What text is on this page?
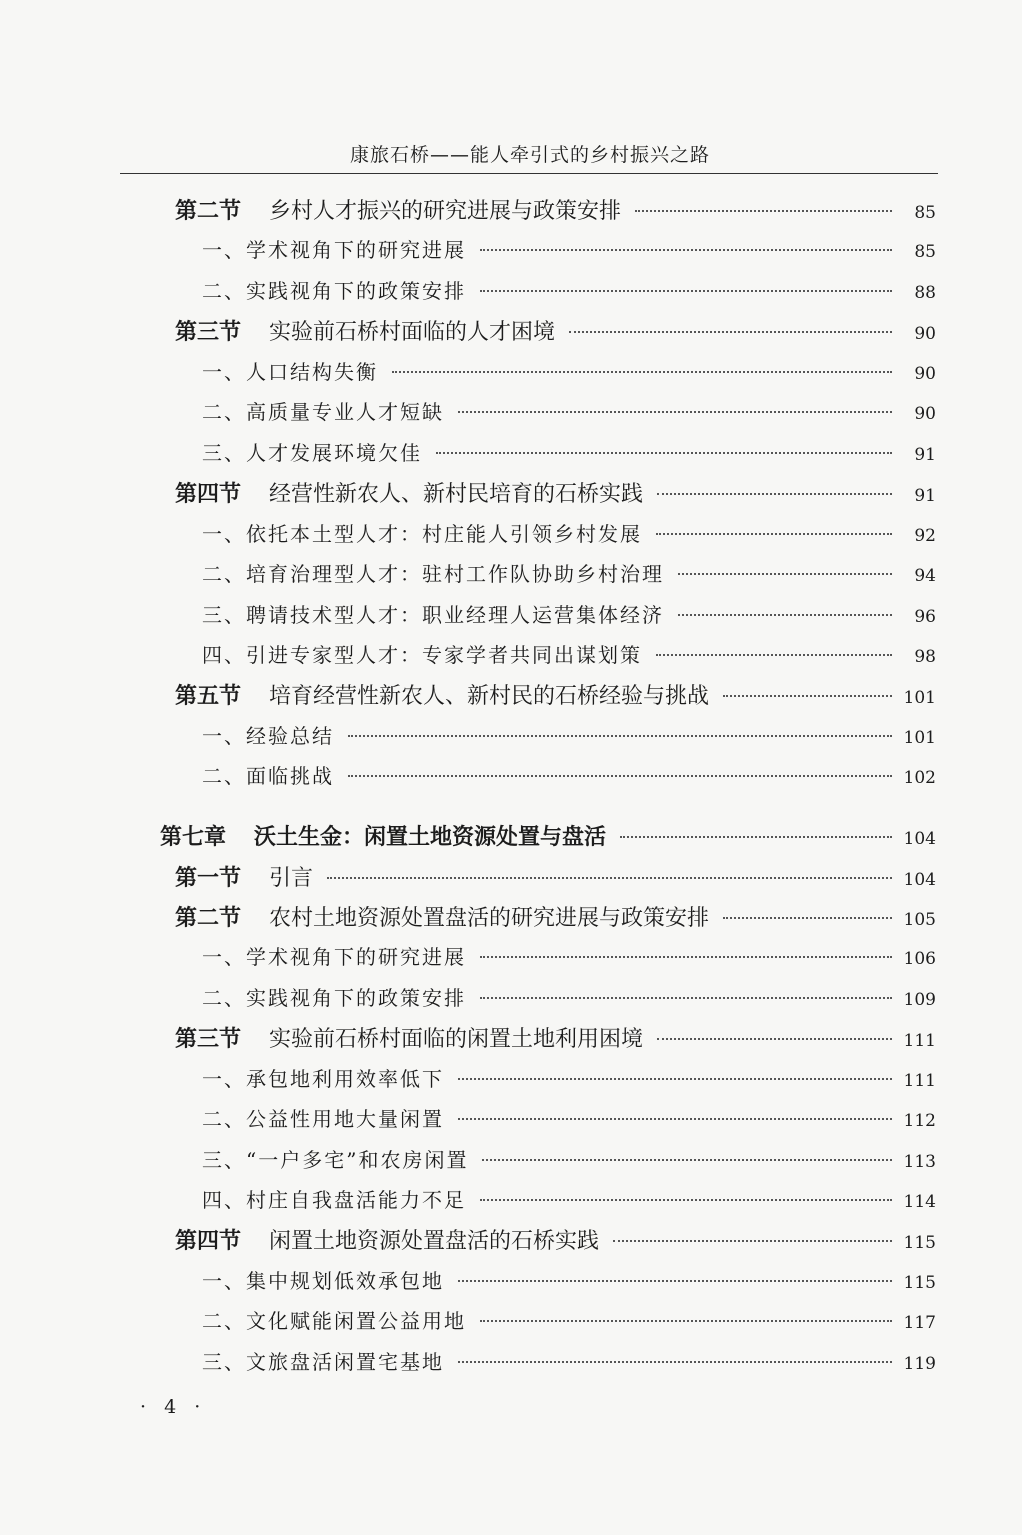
康旅石桥——能人牵引式的乡村振兴之路
第二节 乡村人才振兴的研究进展与政策安排	85
一、 学术视角下的研究进展	85
二、 实践视角下的政策安排	88
第三节 实验前石桥村面临的人才困境	90
一、 人口结构失衡	90
二、 高质量专业人才短缺	90
三、 人才发展环境欠佳	91
第四节 经营性新农人、新村民培育的石桥实践	91
一、 依托本土型人才：村庄能人引领乡村发展	92
二、 培育治理型人才：驻村工作队协助乡村治理	94
三、 聘请技术型人才：职业经理人运营集体经济	96
四、 引进专家型人才：专家学者共同出谋划策	98
第五节 培育经营性新农人、新村民的石桥经验与挑战	101
一、 经验总结	101
二、 面临挑战	102
第七章 沃土生金：闲置土地资源处置与盘活	104
第一节 引言	104
第二节 农村土地资源处置盘活的研究进展与政策安排	105
一、 学术视角下的研究进展	106
二、 实践视角下的政策安排	109
第三节 实验前石桥村面临的闲置土地利用困境	111
一、 承包地利用效率低下	111
二、 公益性用地大量闲置	112
三、 “一户多宅”和农房闲置	113
四、 村庄自我盘活能力不足	114
第四节 闲置土地资源处置盘活的石桥实践	115
一、 集中规划低效承包地	115
二、 文化赋能闲置公益用地	117
三、 文旅盘活闲置宅基地	119
· 4 ·
